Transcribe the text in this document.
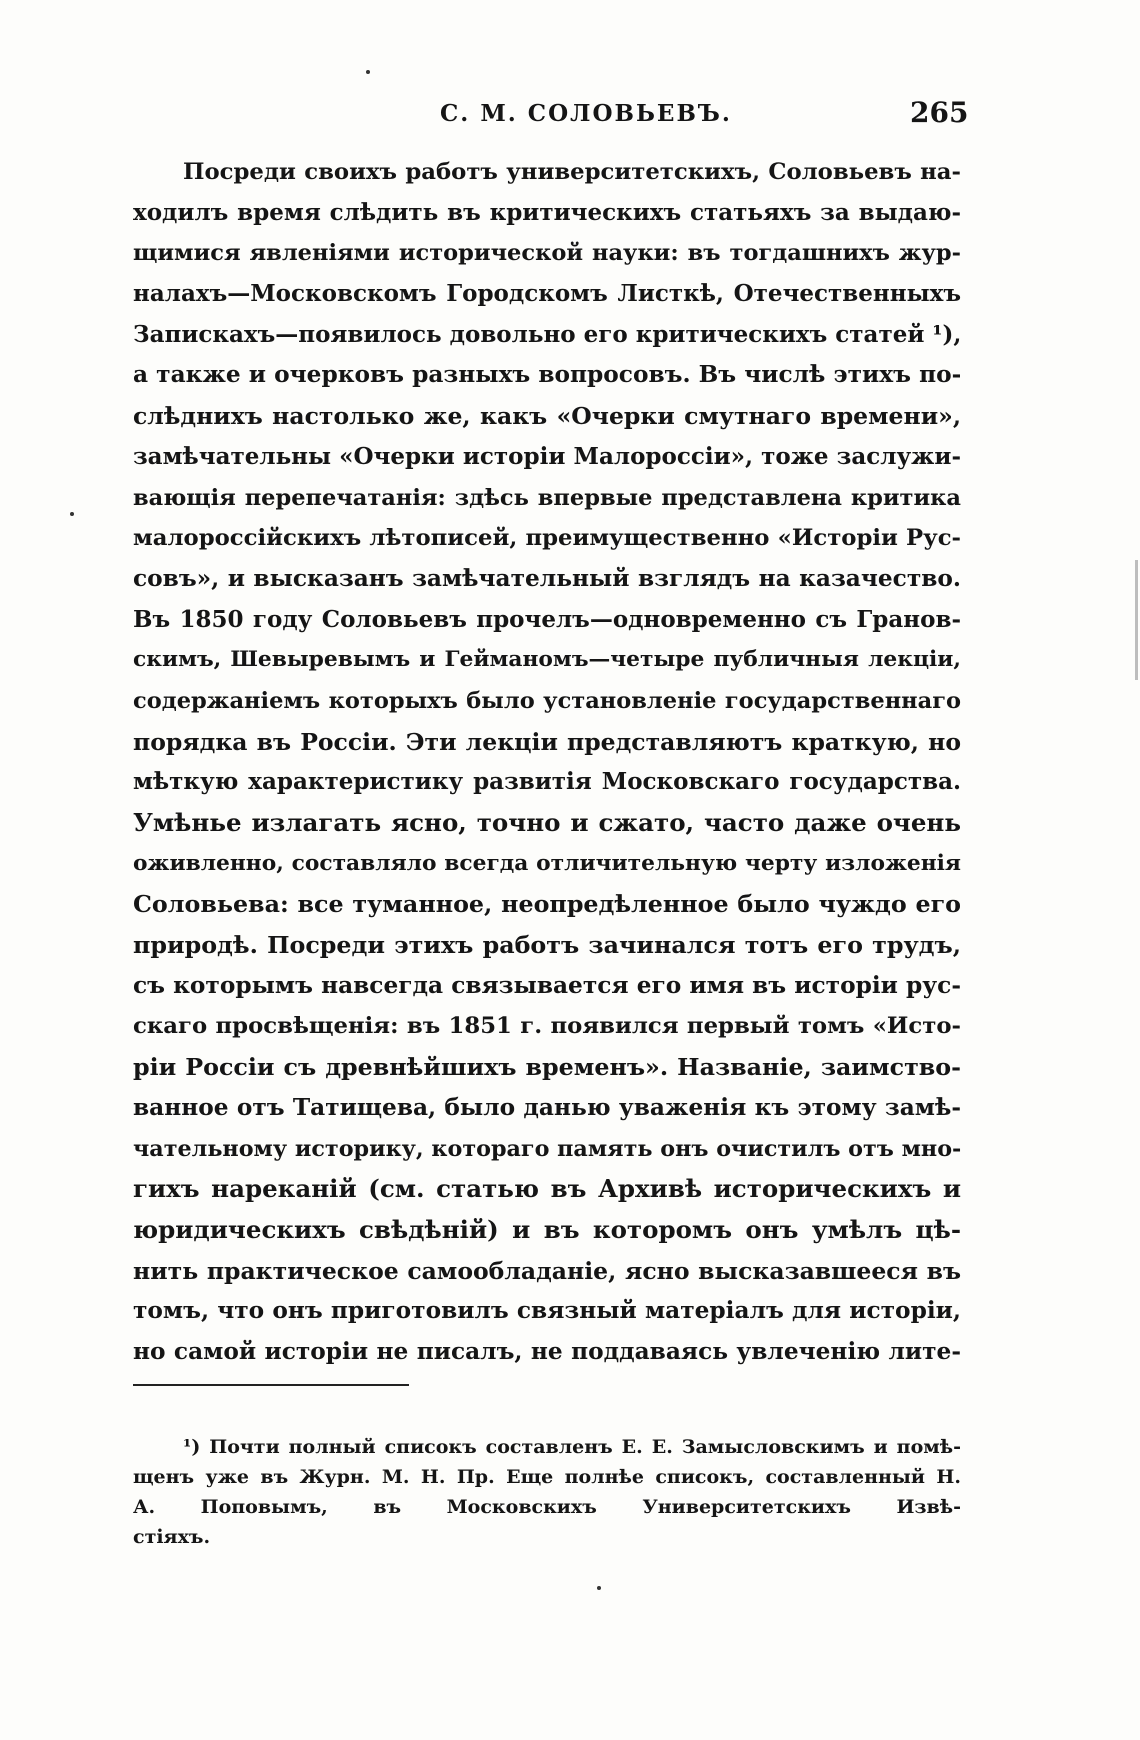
С. М. СОЛОВЬЕВЪ.	265
Посреди своихъ работъ университетскихъ, Соловьевъ на-
ходилъ время слѣдить въ критическихъ статьяхъ за выдаю-
щимися явленіями исторической науки: въ тогдашнихъ жур-
налахъ—Московскомъ Городскомъ Листкѣ, Отечественныхъ
Запискахъ—появилось довольно его критическихъ статей ¹),
а также и очерковъ разныхъ вопросовъ. Въ числѣ этихъ по-
слѣднихъ настолько же, какъ «Очерки смутнаго времени»,
замѣчательны «Очерки исторіи Малороссіи», тоже заслужи-
вающія перепечатанія: здѣсь впервые представлена критика
малороссійскихъ лѣтописей, преимущественно «Исторіи Рус-
совъ», и высказанъ замѣчательный взглядъ на казачество.
Въ 1850 году Соловьевъ прочелъ—одновременно съ Гранов-
скимъ, Шевыревымъ и Гейманомъ—четыре публичныя лекціи,
содержаніемъ которыхъ было установленіе государственнаго
порядка въ Россіи. Эти лекціи представляютъ краткую, но
мѣткую характеристику развитія Московскаго государства.
Умѣнье излагать ясно, точно и сжато, часто даже очень
оживленно, составляло всегда отличительную черту изложенія
Соловьева: все туманное, неопредѣленное было чуждо его
природѣ. Посреди этихъ работъ зачинался тотъ его трудъ,
съ которымъ навсегда связывается его имя въ исторіи рус-
скаго просвѣщенія: въ 1851 г. появился первый томъ «Исто-
ріи Россіи съ древнѣйшихъ временъ». Названіе, заимство-
ванное отъ Татищева, было данью уваженія къ этому замѣ-
чательному историку, котораго память онъ очистилъ отъ мно-
гихъ нареканій (см. статью въ Архивѣ историческихъ и
юридическихъ свѣдѣній) и въ которомъ онъ умѣлъ цѣ-
нить практическое самообладаніе, ясно высказавшееся въ
томъ, что онъ приготовилъ связный матеріалъ для исторіи,
но самой исторіи не писалъ, не поддаваясь увлеченію лите-
¹) Почти полный списокъ составленъ Е. Е. Замысловскимъ и помѣ-
щенъ уже въ Журн. М. Н. Пр. Еще полнѣе списокъ, составленный Н.
А. Поповымъ, въ Московскихъ Университетскихъ Извѣ-
стіяхъ.
